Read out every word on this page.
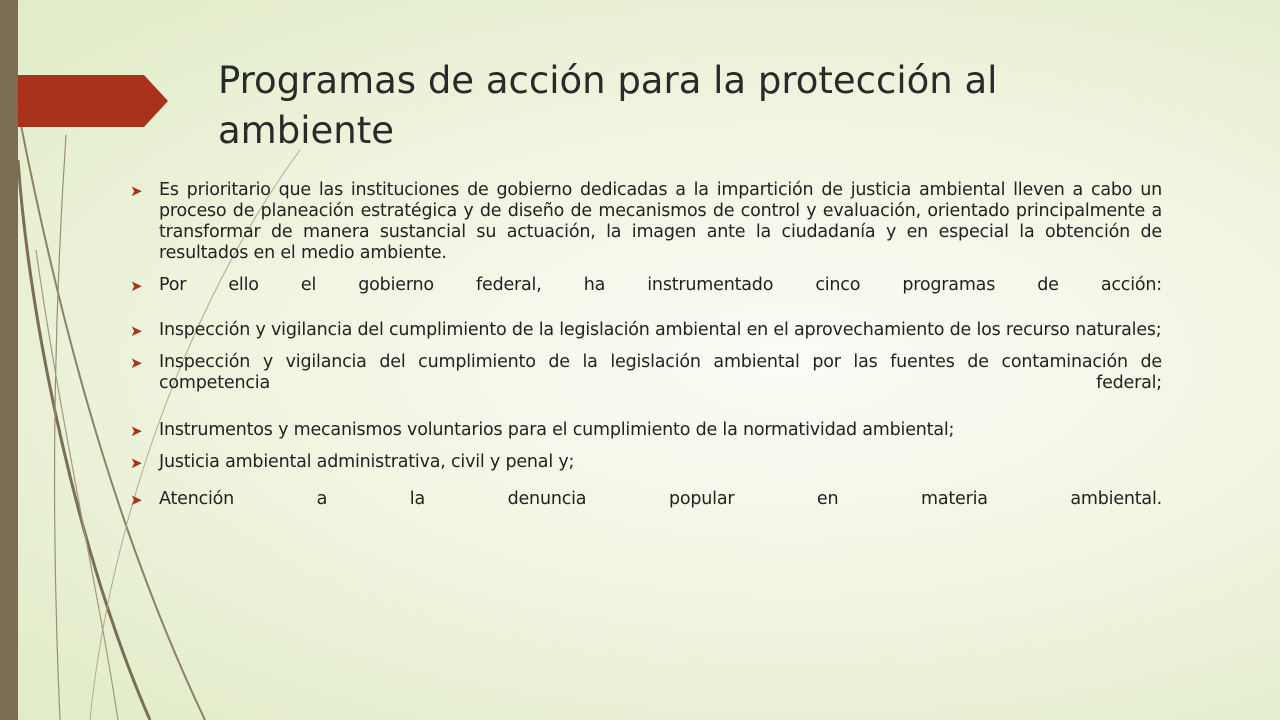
Programas de acción para la protección al ambiente
➤ Es prioritario que las instituciones de gobierno dedicadas a la impartición de justicia ambiental lleven a cabo un proceso de planeación estratégica y de diseño de mecanismos de control y evaluación, orientado principalmente a transformar de manera sustancial su actuación, la imagen ante la ciudadanía y en especial la obtención de resultados en el medio ambiente.
➤ Por ello el gobierno federal, ha instrumentado cinco programas de acción:
➤ Inspección y vigilancia del cumplimiento de la legislación ambiental en el aprovechamiento de los recurso naturales;
➤ Inspección y vigilancia del cumplimiento de la legislación ambiental por las fuentes de contaminación de competencia federal;
➤ Instrumentos y mecanismos voluntarios para el cumplimiento de la normatividad ambiental;
➤ Justicia ambiental administrativa, civil y penal y;
➤ Atención a la denuncia popular en materia ambiental.
